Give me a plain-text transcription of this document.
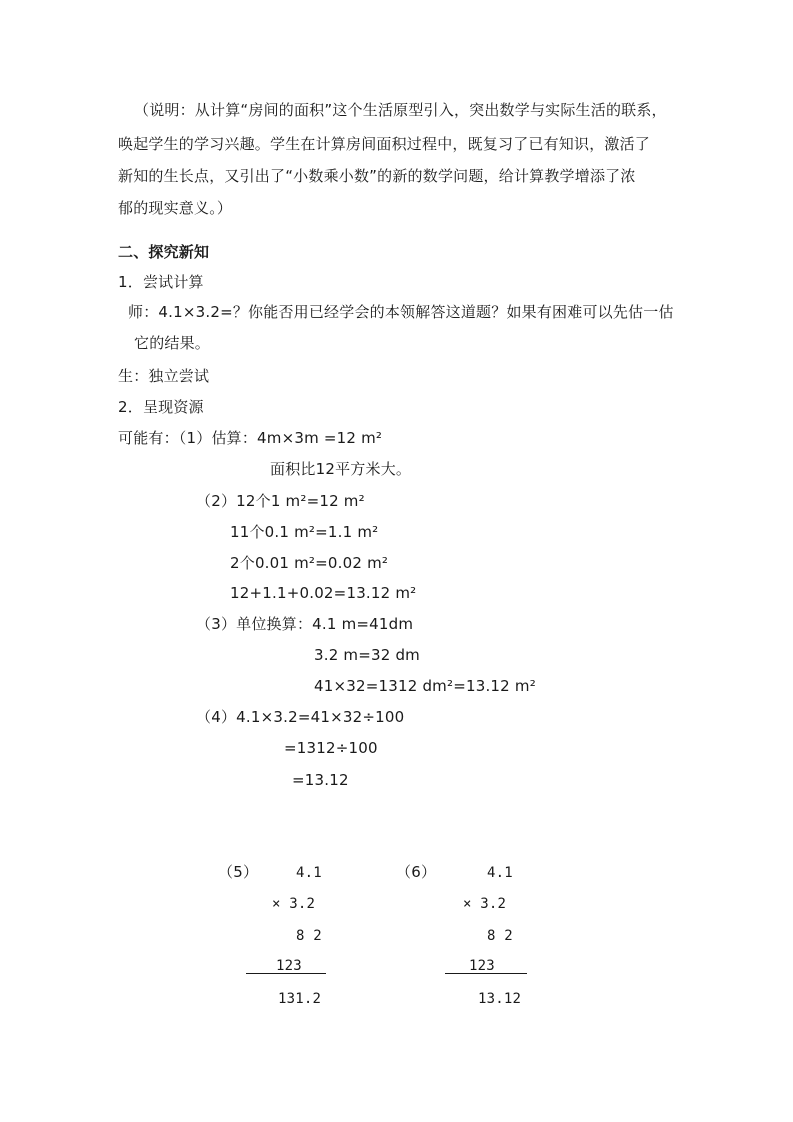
（说明：从计算“房间的面积”这个生活原型引入，突出数学与实际生活的联系，
唤起学生的学习兴趣。学生在计算房间面积过程中，既复习了已有知识，激活了
新知的生长点，又引出了“小数乘小数”的新的数学问题，给计算教学增添了浓
郁的现实意义。）
二、探究新知
1．尝试计算
师：4.1×3.2=？你能否用已经学会的本领解答这道题？如果有困难可以先估一估
它的结果。
生：独立尝试
2．呈现资源
可能有：（1）估算：4m×3m =12 m²
面积比12平方米大。
（2）12个1 m²=12 m²
11个0.1 m²=1.1 m²
2个0.01 m²=0.02 m²
12+1.1+0.02=13.12 m²
（3）单位换算：4.1 m=41dm
3.2 m=32 dm
41×32=1312 dm²=13.12 m²
（4）4.1×3.2=41×32÷100
=1312÷100
=13.12
（5）	4.1
× 3.2
8 2
123
131.2
（6）	4.1
× 3.2
8 2
123
13.12
